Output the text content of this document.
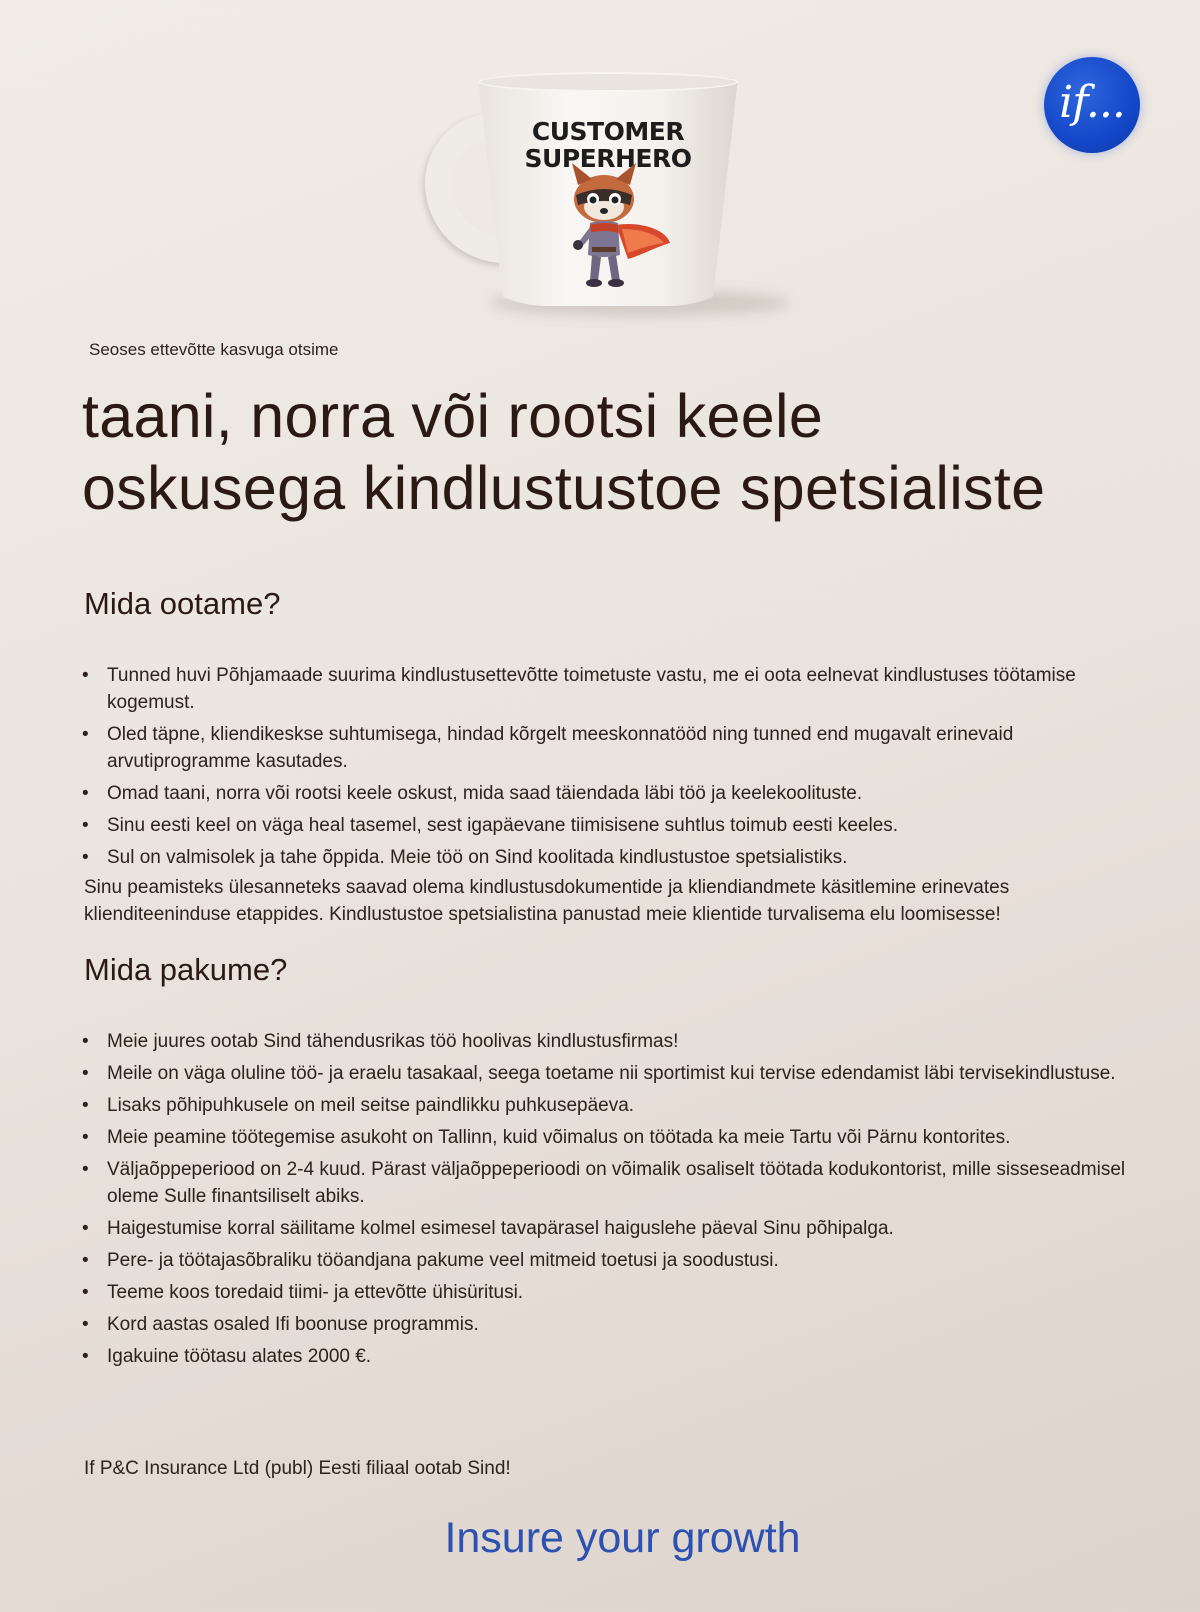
if...
CUSTOMER
SUPERHERO
Seoses ettevõtte kasvuga otsime
taani, norra või rootsi keele
oskusega kindlustustoe spetsialiste
Mida ootame?
• Tunned huvi Põhjamaade suurima kindlustusettevõtte toimetuste vastu, me ei oota eelnevat kindlustuses töötamise kogemust.
• Oled täpne, kliendikeskse suhtumisega, hindad kõrgelt meeskonnatööd ning tunned end mugavalt erinevaid arvutiprogramme kasutades.
• Omad taani, norra või rootsi keele oskust, mida saad täiendada läbi töö ja keelekoolituste.
• Sinu eesti keel on väga heal tasemel, sest igapäevane tiimisisene suhtlus toimub eesti keeles.
• Sul on valmisolek ja tahe õppida. Meie töö on Sind koolitada kindlustustoe spetsialistiks.

Sinu peamisteks ülesanneteks saavad olema kindlustusdokumentide ja kliendiandmete käsitlemine erinevates klienditeeninduse etappides. Kindlustustoe spetsialistina panustad meie klientide turvalisema elu loomisesse!

Mida pakume?
• Meie juures ootab Sind tähendusrikas töö hoolivas kindlustusfirmas!
• Meile on väga oluline töö- ja eraelu tasakaal, seega toetame nii sportimist kui tervise edendamist läbi tervisekindlustuse.
• Lisaks põhipuhkusele on meil seitse paindlikku puhkusepäeva.
• Meie peamine töötegemise asukoht on Tallinn, kuid võimalus on töötada ka meie Tartu või Pärnu kontorites.
• Väljaõppeperiood on 2-4 kuud. Pärast väljaõppeperioodi on võimalik osaliselt töötada kodukontorist, mille sisseseadmisel oleme Sulle finantsiliselt abiks.
• Haigestumise korral säilitame kolmel esimesel tavapärasel haiguslehe päeval Sinu põhipalga.
• Pere- ja töötajasõbraliku tööandjana pakume veel mitmeid toetusi ja soodustusi.
• Teeme koos toredaid tiimi- ja ettevõtte ühisüritusi.
• Kord aastas osaled Ifi boonuse programmis.
• Igakuine töötasu alates 2000 €.
If P&C Insurance Ltd (publ) Eesti filiaal ootab Sind!
Insure your growth
